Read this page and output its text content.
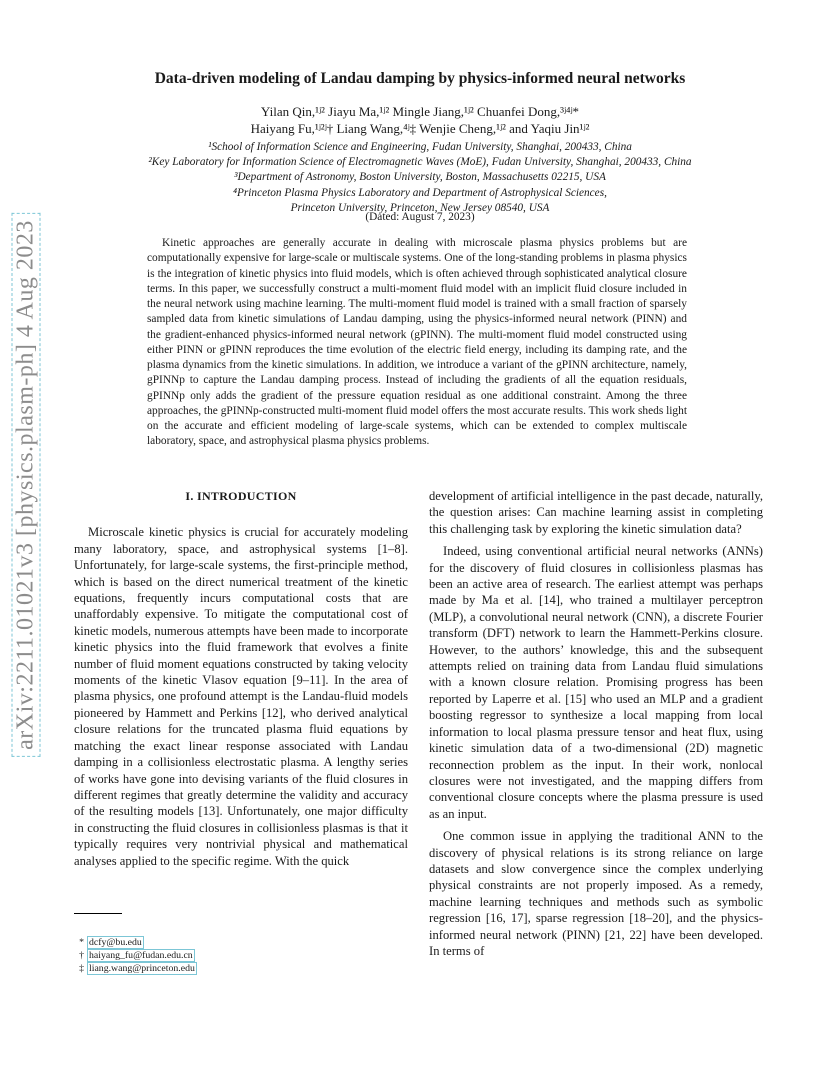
arXiv:2211.01021v3 [physics.plasm-ph] 4 Aug 2023
Data-driven modeling of Landau damping by physics-informed neural networks
Yilan Qin,¹ʲ² Jiayu Ma,¹ʲ² Mingle Jiang,¹ʲ² Chuanfei Dong,³ʲ⁴ʲ*
Haiyang Fu,¹ʲ²ʲ† Liang Wang,⁴ʲ‡ Wenjie Cheng,¹ʲ² and Yaqiu Jin¹ʲ²
¹School of Information Science and Engineering, Fudan University, Shanghai, 200433, China
²Key Laboratory for Information Science of Electromagnetic Waves (MoE), Fudan University, Shanghai, 200433, China
³Department of Astronomy, Boston University, Boston, Massachusetts 02215, USA
⁴Princeton Plasma Physics Laboratory and Department of Astrophysical Sciences,
Princeton University, Princeton, New Jersey 08540, USA
(Dated: August 7, 2023)

Kinetic approaches are generally accurate in dealing with microscale plasma physics problems but are computationally expensive for large-scale or multiscale systems. One of the long-standing problems in plasma physics is the integration of kinetic physics into fluid models, which is often achieved through sophisticated analytical closure terms. In this paper, we successfully construct a multi-moment fluid model with an implicit fluid closure included in the neural network using machine learning. The multi-moment fluid model is trained with a small fraction of sparsely sampled data from kinetic simulations of Landau damping, using the physics-informed neural network (PINN) and the gradient-enhanced physics-informed neural network (gPINN). The multi-moment fluid model constructed using either PINN or gPINN reproduces the time evolution of the electric field energy, including its damping rate, and the plasma dynamics from the kinetic simulations. In addition, we introduce a variant of the gPINN architecture, namely, gPINNp to capture the Landau damping process. Instead of including the gradients of all the equation residuals, gPINNp only adds the gradient of the pressure equation residual as one additional constraint. Among the three approaches, the gPINNp-constructed multi-moment fluid model offers the most accurate results. This work sheds light on the accurate and efficient modeling of large-scale systems, which can be extended to complex multiscale laboratory, space, and astrophysical plasma physics problems.

I. INTRODUCTION

Microscale kinetic physics is crucial for accurately modeling many laboratory, space, and astrophysical systems [1–8]. Unfortunately, for large-scale systems, the first-principle method, which is based on the direct numerical treatment of the kinetic equations, frequently incurs computational costs that are unaffordably expensive. To mitigate the computational cost of kinetic models, numerous attempts have been made to incorporate kinetic physics into the fluid framework that evolves a finite number of fluid moment equations constructed by taking velocity moments of the kinetic Vlasov equation [9–11]. In the area of plasma physics, one profound attempt is the Landau-fluid models pioneered by Hammett and Perkins [12], who derived analytical closure relations for the truncated plasma fluid equations by matching the exact linear response associated with Landau damping in a collisionless electrostatic plasma. A lengthy series of works have gone into devising variants of the fluid closures in different regimes that greatly determine the validity and accuracy of the resulting models [13]. Unfortunately, one major difficulty in constructing the fluid closures in collisionless plasmas is that it typically requires very nontrivial physical and mathematical analyses applied to the specific regime. With the quick

development of artificial intelligence in the past decade, naturally, the question arises: Can machine learning assist in completing this challenging task by exploring the kinetic simulation data?

Indeed, using conventional artificial neural networks (ANNs) for the discovery of fluid closures in collisionless plasmas has been an active area of research. The earliest attempt was perhaps made by Ma et al. [14], who trained a multilayer perceptron (MLP), a convolutional neural network (CNN), a discrete Fourier transform (DFT) network to learn the Hammett-Perkins closure. However, to the authors’ knowledge, this and the subsequent attempts relied on training data from Landau fluid simulations with a known closure relation. Promising progress has been reported by Laperre et al. [15] who used an MLP and a gradient boosting regressor to synthesize a local mapping from local information to local plasma pressure tensor and heat flux, using kinetic simulation data of a two-dimensional (2D) magnetic reconnection problem as the input. In their work, nonlocal closures were not investigated, and the mapping differs from conventional closure concepts where the plasma pressure is used as an input.

One common issue in applying the traditional ANN to the discovery of physical relations is its strong reliance on large datasets and slow convergence since the complex underlying physical constraints are not properly imposed. As a remedy, machine learning techniques and methods such as symbolic regression [16, 17], sparse regression [18–20], and the physics-informed neural network (PINN) [21, 22] have been developed. In terms of

* dcfy@bu.edu
† haiyang_fu@fudan.edu.cn
‡ liang.wang@princeton.edu
